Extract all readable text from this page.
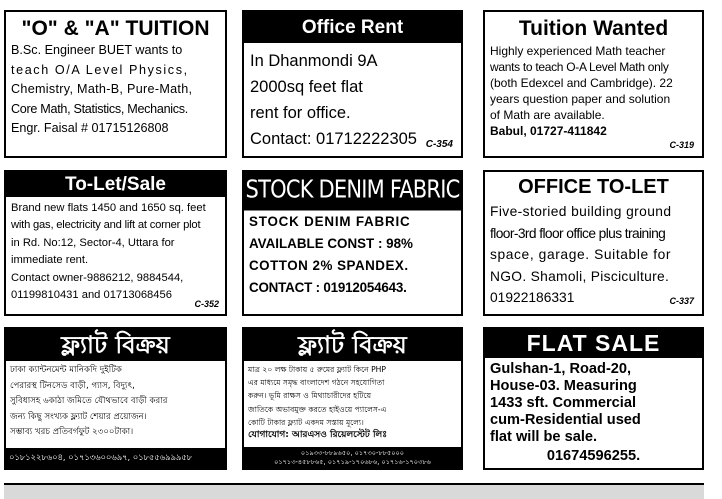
"O" & "A" TUITION
B.Sc. Engineer BUET wants to
teach O/A Level Physics,
Chemistry, Math-B, Pure-Math,
Core Math, Statistics, Mechanics.
Engr. Faisal # 01715126808
Office Rent
In Dhanmondi 9A
2000sq feet flat
rent for office.
Contact: 01712222305 C-354
Tuition Wanted
Highly experienced Math teacher
wants to teach O-A Level Math only
(both Edexcel and Cambridge). 22
years question paper and solution
of Math are available.
Babul, 01727-411842
C-319
To-Let/Sale
Brand new flats 1450 and 1650 sq. feet
with gas, electricity and lift at corner plot
in Rd. No:12, Sector-4, Uttara for
immediate rent.
Contact owner-9886212, 9884544,
01199810431 and 01713068456
C-352
STOCK DENIM FABRIC
STOCK DENIM FABRIC
AVAILABLE CONST : 98%
COTTON 2% SPANDEX.
CONTACT : 01912054643.
OFFICE TO-LET
Five-storied building ground
floor-3rd floor office plus training
space, garage. Suitable for
NGO. Shamoli, Pisciculture.
01922186331	C-337
ফ্ল্যাট বিক্রয়
ঢাকা ক্যান্টনমেন্ট মানিকদি দুইটিক
পেরারস্থ টিনসেড বাড়ী, গ্যাস, বিদ্যুৎ,
সুবিধাসহ ৬কাঠা জমিতে যৌথভাবে বাড়ী করার
জন্য কিছু সংখ্যক ফ্ল্যাট শেয়ার প্রয়োজন।
সম্ভাব্য খরচ প্রতিবর্গফুট ২৩০০টাকা।
০১৮১২২৮৬০৪, ০১৭১৩৬০০৬৯৭, ০১৮৫৫৬৯৯৯৫৮
ফ্ল্যাট বিক্রয়
মাত্র ২০ লক্ষ টাকায় ৫ রুমের ফ্ল্যাট কিনে PHP
এর মাধ্যমে সমৃদ্ধ বাংলাদেশ গঠনে সহযোগিতা
করুন। ভূমি রাক্ষস ও মিথ্যাচারীদের হটিয়ে
জাতিকে অভাবমুক্ত করতে হাইওয়ে প্যালেস-এ
কোটি টাকার ফ্ল্যাট একদম সস্তায় মূল্যে।
যোগাযোগ: আরএসও রিয়েলস্টেট লিঃ
০১৯৩৩-৮৮৯৬৫০, ০১৭৩০-৮৮৫০০০
০১৭১৩-৪৫৮৮৬৫, ০১৭১৯-১৭০৬৮৬, ০১৭১৬-১৭০৩৮৬
FLAT SALE
Gulshan-1, Road-20,
House-03. Measuring
1433 sft. Commercial
cum-Residential used
flat will be sale.
01674596255.
